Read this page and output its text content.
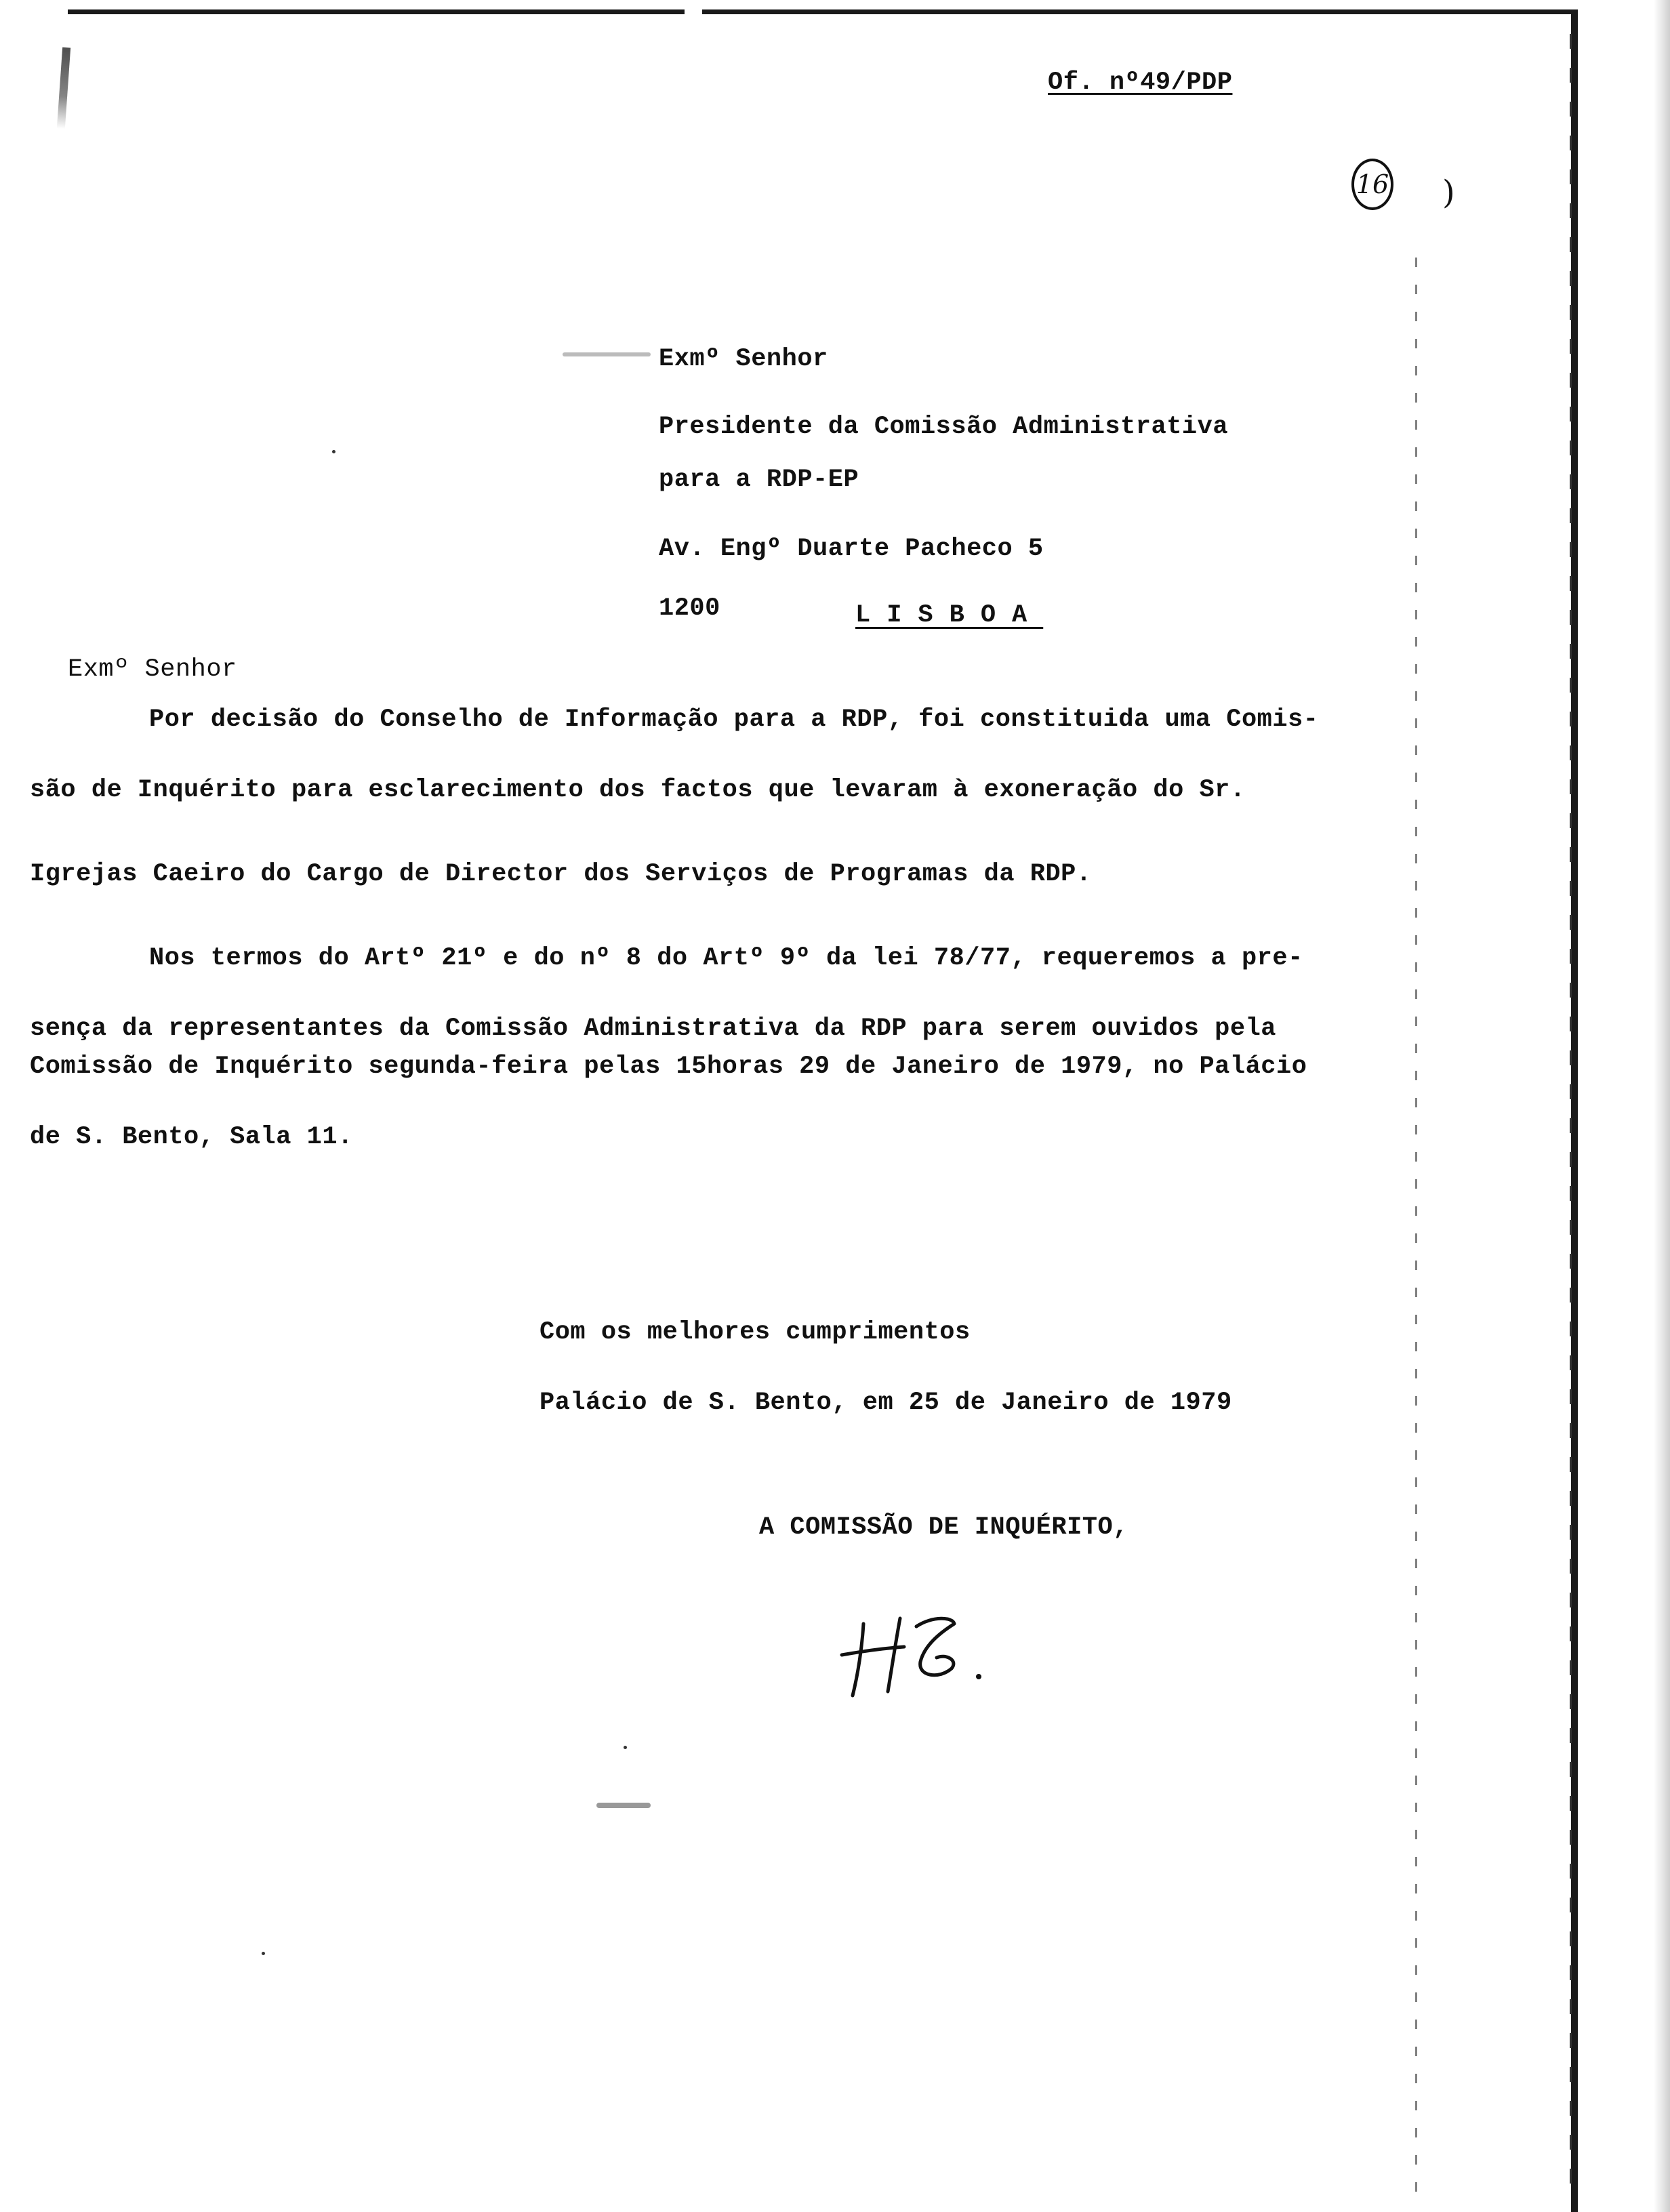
Of. nº49/PDP
16 )
Exmº Senhor
Presidente da Comissão Administrativa
para a RDP-EP
Av. Engº Duarte Pacheco 5
1200	LISBOA
Exmº Senhor
Por decisão do Conselho de Informação para a RDP, foi constituida uma Comis-
são de Inquérito para esclarecimento dos factos que levaram à exoneração do Sr.
Igrejas Caeiro do Cargo de Director dos Serviços de Programas da RDP.
Nos termos do Artº 21º e do nº 8 do Artº 9º da lei 78/77, requeremos a pre-
sença da representantes da Comissão Administrativa da RDP para serem ouvidos pela
Comissão de Inquérito segunda-feira pelas 15horas 29 de Janeiro de 1979, no Palácio
de S. Bento, Sala 11.
Com os melhores cumprimentos
Palácio de S. Bento, em 25 de Janeiro de 1979
A COMISSÃO DE INQUÉRITO,
